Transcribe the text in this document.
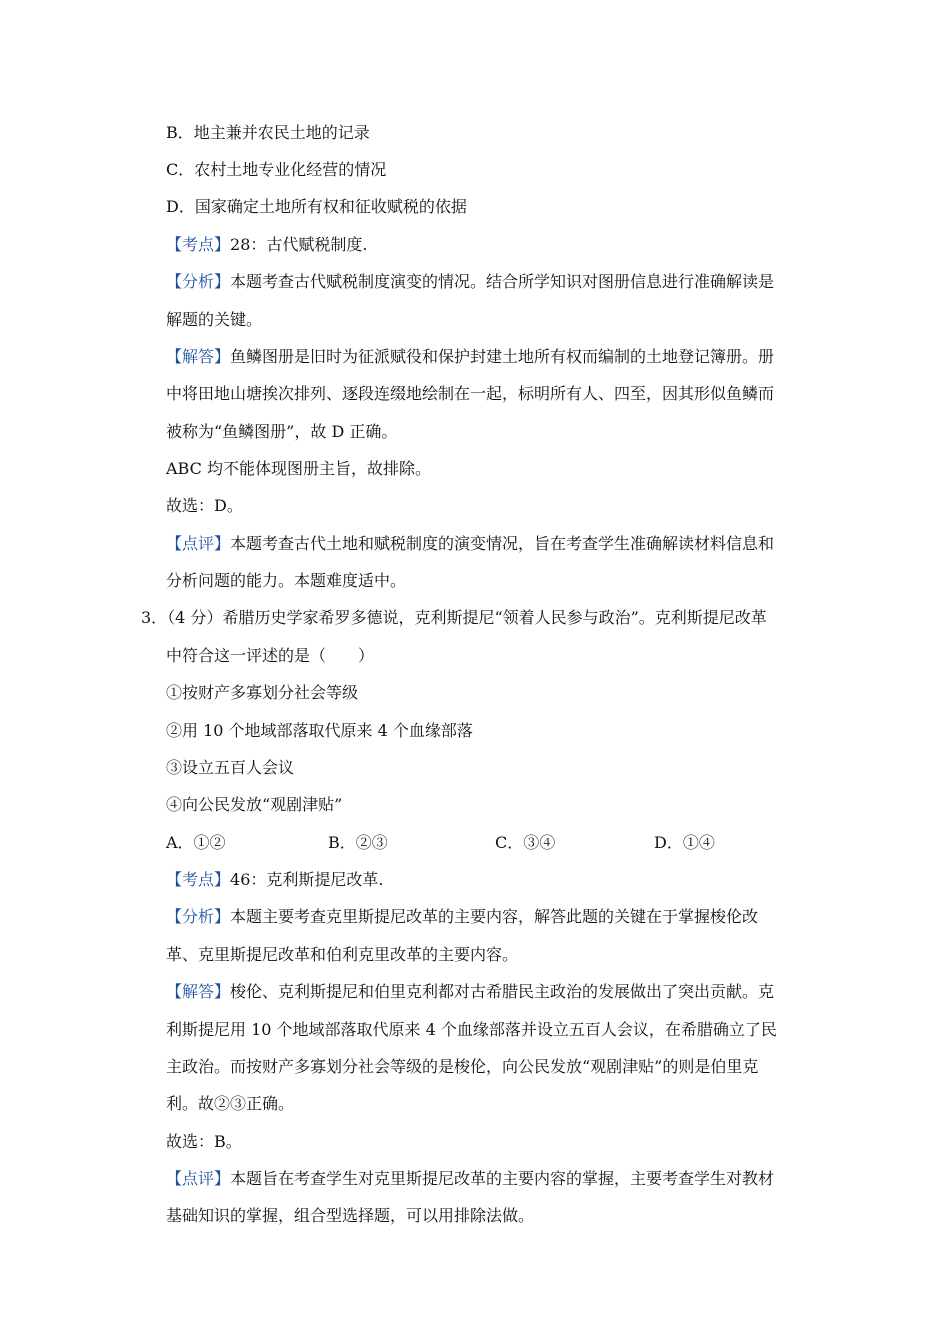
B．地主兼并农民土地的记录
C．农村土地专业化经营的情况
D．国家确定土地所有权和征收赋税的依据
【考点】28：古代赋税制度.
【分析】本题考查古代赋税制度演变的情况。结合所学知识对图册信息进行准确解读是
解题的关键。
【解答】鱼鳞图册是旧时为征派赋役和保护封建土地所有权而编制的土地登记簿册。册
中将田地山塘挨次排列、逐段连缀地绘制在一起，标明所有人、四至，因其形似鱼鳞而
被称为“鱼鳞图册”，故 D 正确。
ABC 均不能体现图册主旨，故排除。
故选：D。
【点评】本题考查古代土地和赋税制度的演变情况，旨在考查学生准确解读材料信息和
分析问题的能力。本题难度适中。
3．（4 分）希腊历史学家希罗多德说，克利斯提尼“领着人民参与政治”。克利斯提尼改革
中符合这一评述的是（　　）
①按财产多寡划分社会等级
②用 10 个地域部落取代原来 4 个血缘部落
③设立五百人会议
④向公民发放“观剧津贴”
A．①②	B．②③	C．③④	D．①④
【考点】46：克利斯提尼改革.
【分析】本题主要考查克里斯提尼改革的主要内容，解答此题的关键在于掌握梭伦改
革、克里斯提尼改革和伯利克里改革的主要内容。
【解答】梭伦、克利斯提尼和伯里克利都对古希腊民主政治的发展做出了突出贡献。克
利斯提尼用 10 个地域部落取代原来 4 个血缘部落并设立五百人会议，在希腊确立了民
主政治。而按财产多寡划分社会等级的是梭伦，向公民发放“观剧津贴”的则是伯里克
利。故②③正确。
故选：B。
【点评】本题旨在考查学生对克里斯提尼改革的主要内容的掌握，主要考查学生对教材
基础知识的掌握，组合型选择题，可以用排除法做。
